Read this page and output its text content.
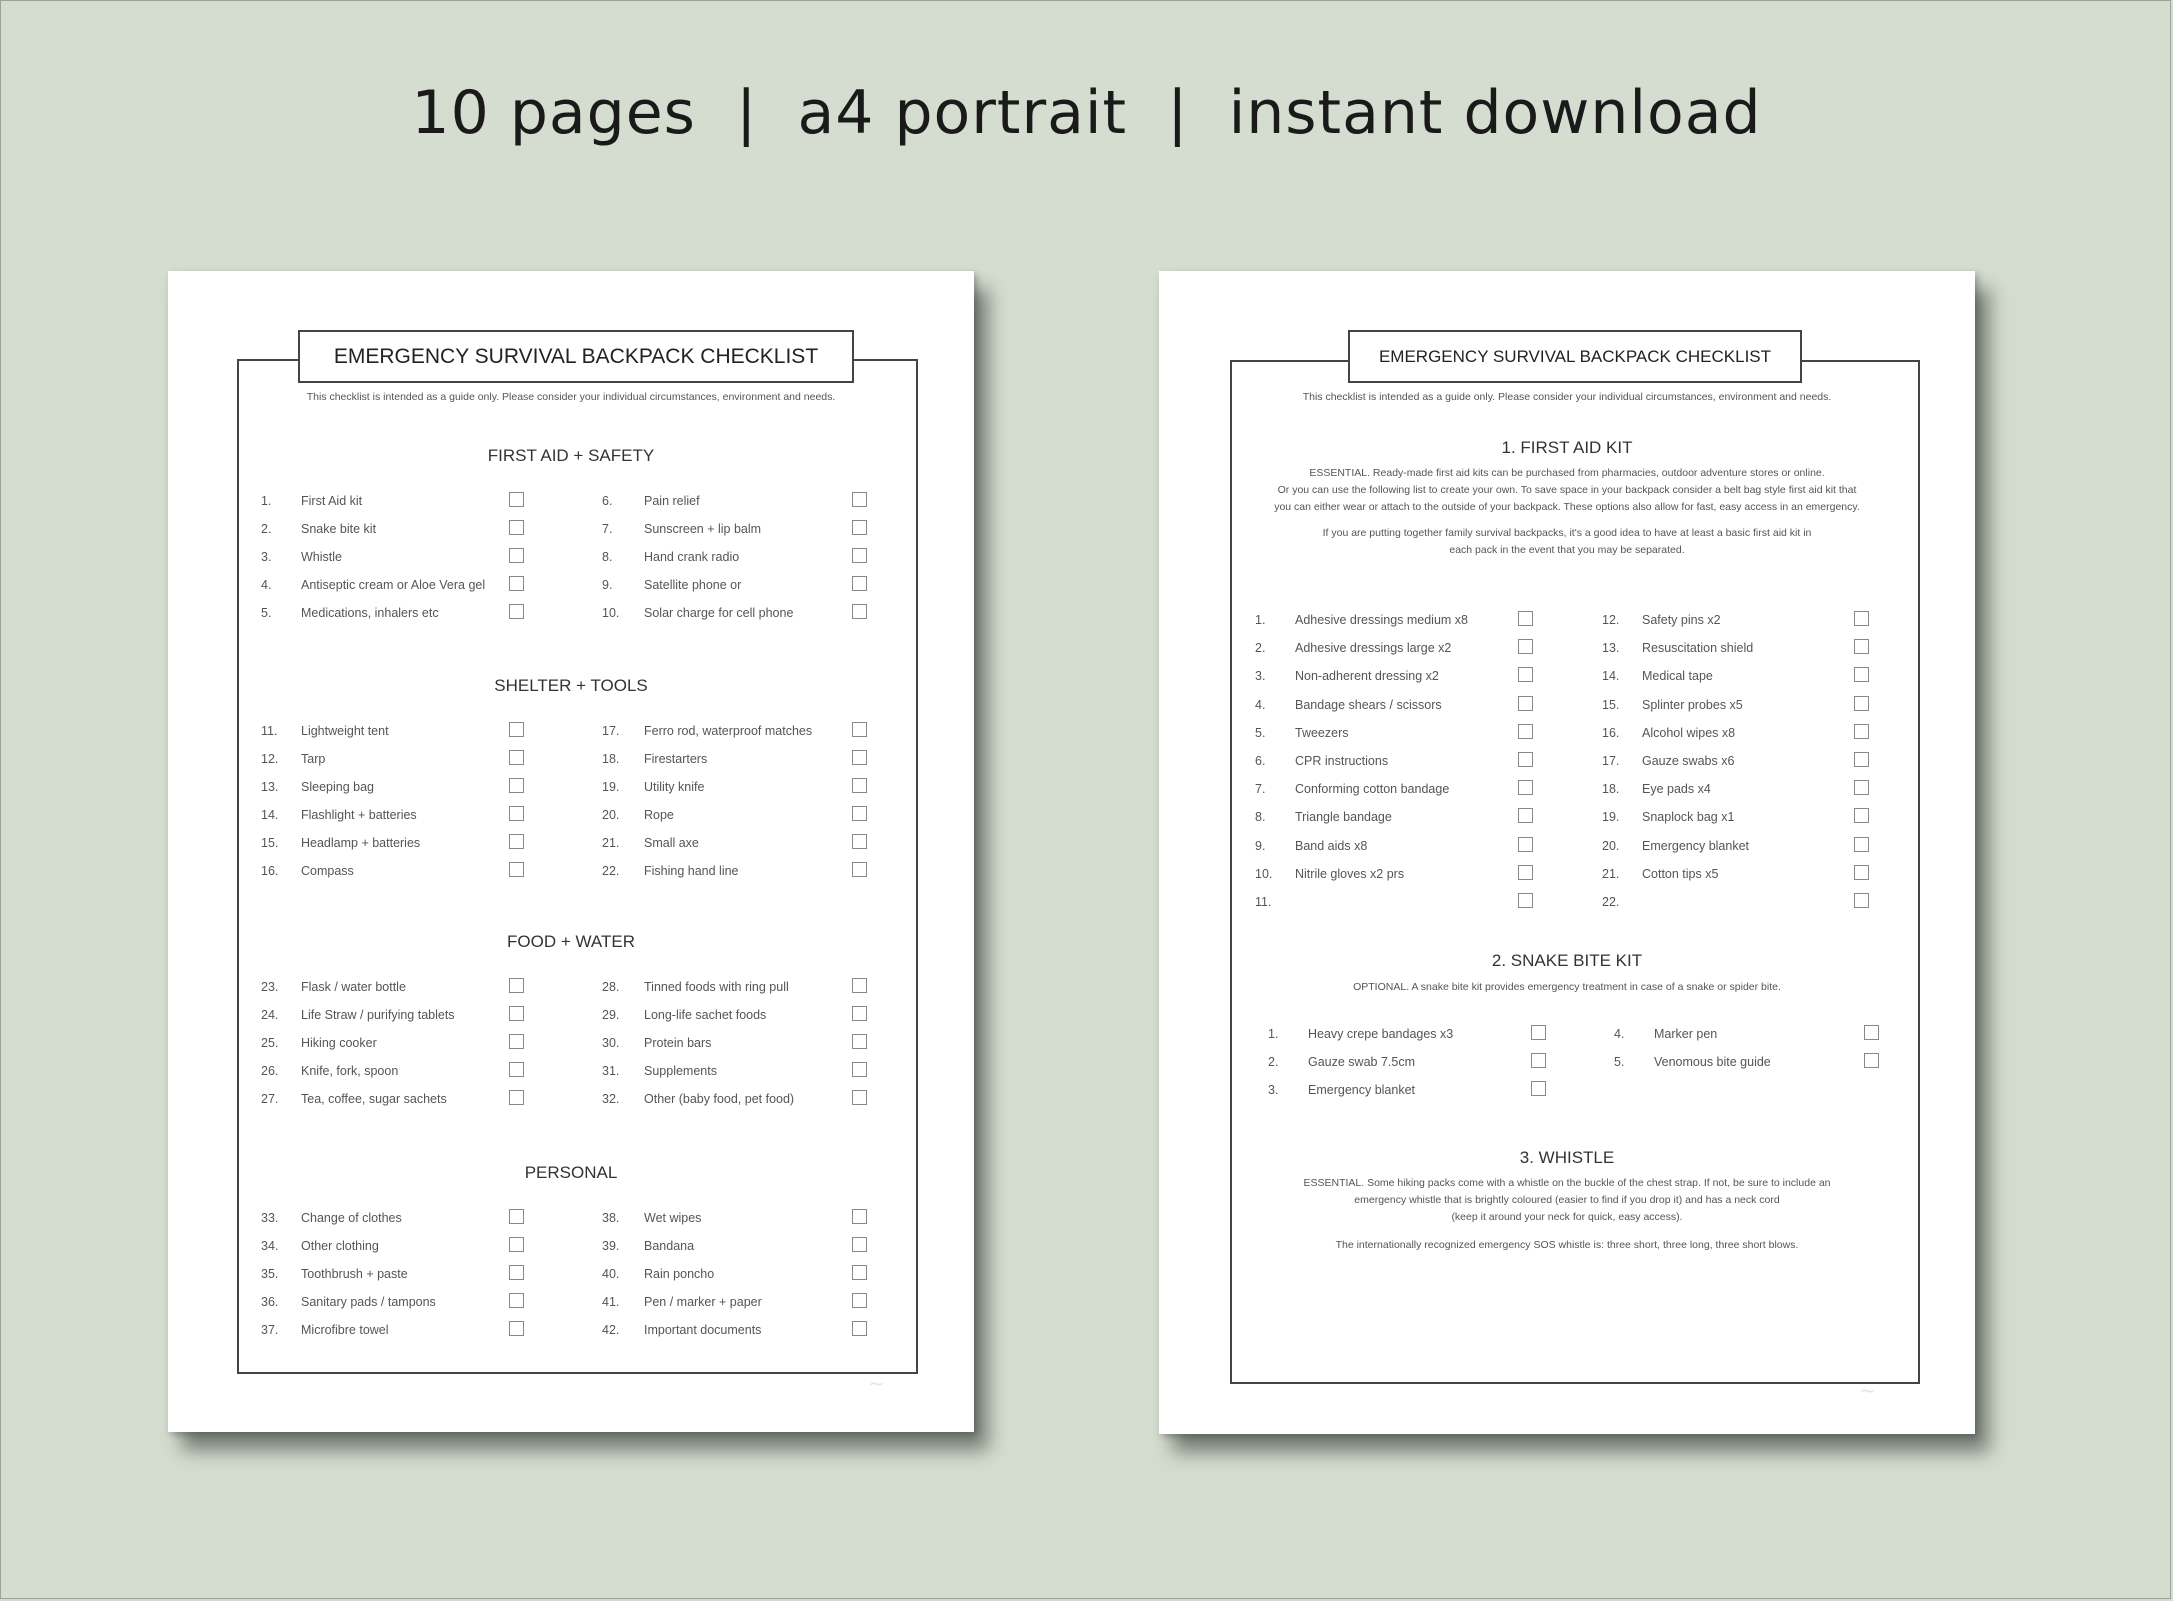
10 pages  |  a4 portrait  |  instant download
EMERGENCY SURVIVAL BACKPACK CHECKLIST
This checklist is intended as a guide only. Please consider your individual circumstances, environment and needs.
FIRST AID + SAFETY
1. First Aid kit
2. Snake bite kit
3. Whistle
4. Antiseptic cream or Aloe Vera gel
5. Medications, inhalers etc
6.	Pain relief
7.	Sunscreen + lip balm
8.	Hand crank radio
9.	Satellite phone or
10. Solar charge for cell phone
SHELTER + TOOLS
11. Lightweight tent
12. Tarp
13. Sleeping bag
14. Flashlight + batteries
15. Headlamp + batteries
16. Compass
17. Ferro rod, waterproof matches
18. Firestarters
19. Utility knife
20. Rope
21. Small axe
22. Fishing hand line
FOOD + WATER
23. Flask / water bottle
24. Life Straw / purifying tablets
25. Hiking cooker
26. Knife, fork, spoon
27. Tea, coffee, sugar sachets
28. Tinned foods with ring pull
29. Long-life sachet foods
30. Protein bars
31. Supplements
32. Other (baby food, pet food)
PERSONAL
33. Change of clothes
34. Other clothing
35. Toothbrush + paste
36. Sanitary pads / tampons
37. Microfibre towel
38. Wet wipes
39. Bandana
40. Rain poncho
41. Pen / marker + paper
42. Important documents
~
EMERGENCY SURVIVAL BACKPACK CHECKLIST
This checklist is intended as a guide only. Please consider your individual circumstances, environment and needs.
1. FIRST AID KIT
ESSENTIAL. Ready-made first aid kits can be purchased from pharmacies, outdoor adventure stores or online.
Or you can use the following list to create your own. To save space in your backpack consider a belt bag style first aid kit that
you can either wear or attach to the outside of your backpack. These options also allow for fast, easy access in an emergency.
If you are putting together family survival backpacks, it's a good idea to have at least a basic first aid kit in
each pack in the event that you may be separated.
1. Adhesive dressings medium x8
2. Adhesive dressings large x2
3. Non-adherent dressing x2
4. Bandage shears / scissors
5. Tweezers
6. CPR instructions
7. Conforming cotton bandage
8. Triangle bandage
9. Band aids x8
10. Nitrile gloves x2 prs
11.
12. Safety pins x2
13. Resuscitation shield
14. Medical tape
15. Splinter probes x5
16. Alcohol wipes x8
17. Gauze swabs x6
18. Eye pads x4
19. Snaplock bag x1
20. Emergency blanket
21. Cotton tips x5
22.
2. SNAKE BITE KIT
OPTIONAL. A snake bite kit provides emergency treatment in case of a snake or spider bite.
1. Heavy crepe bandages x3
2. Gauze swab 7.5cm
3. Emergency blanket
4. Marker pen
5. Venomous bite guide
3. WHISTLE
ESSENTIAL. Some hiking packs come with a whistle on the buckle of the chest strap. If not, be sure to include an
emergency whistle that is brightly coloured (easier to find if you drop it) and has a neck cord
(keep it around your neck for quick, easy access).
The internationally recognized emergency SOS whistle is: three short, three long, three short blows.
~
